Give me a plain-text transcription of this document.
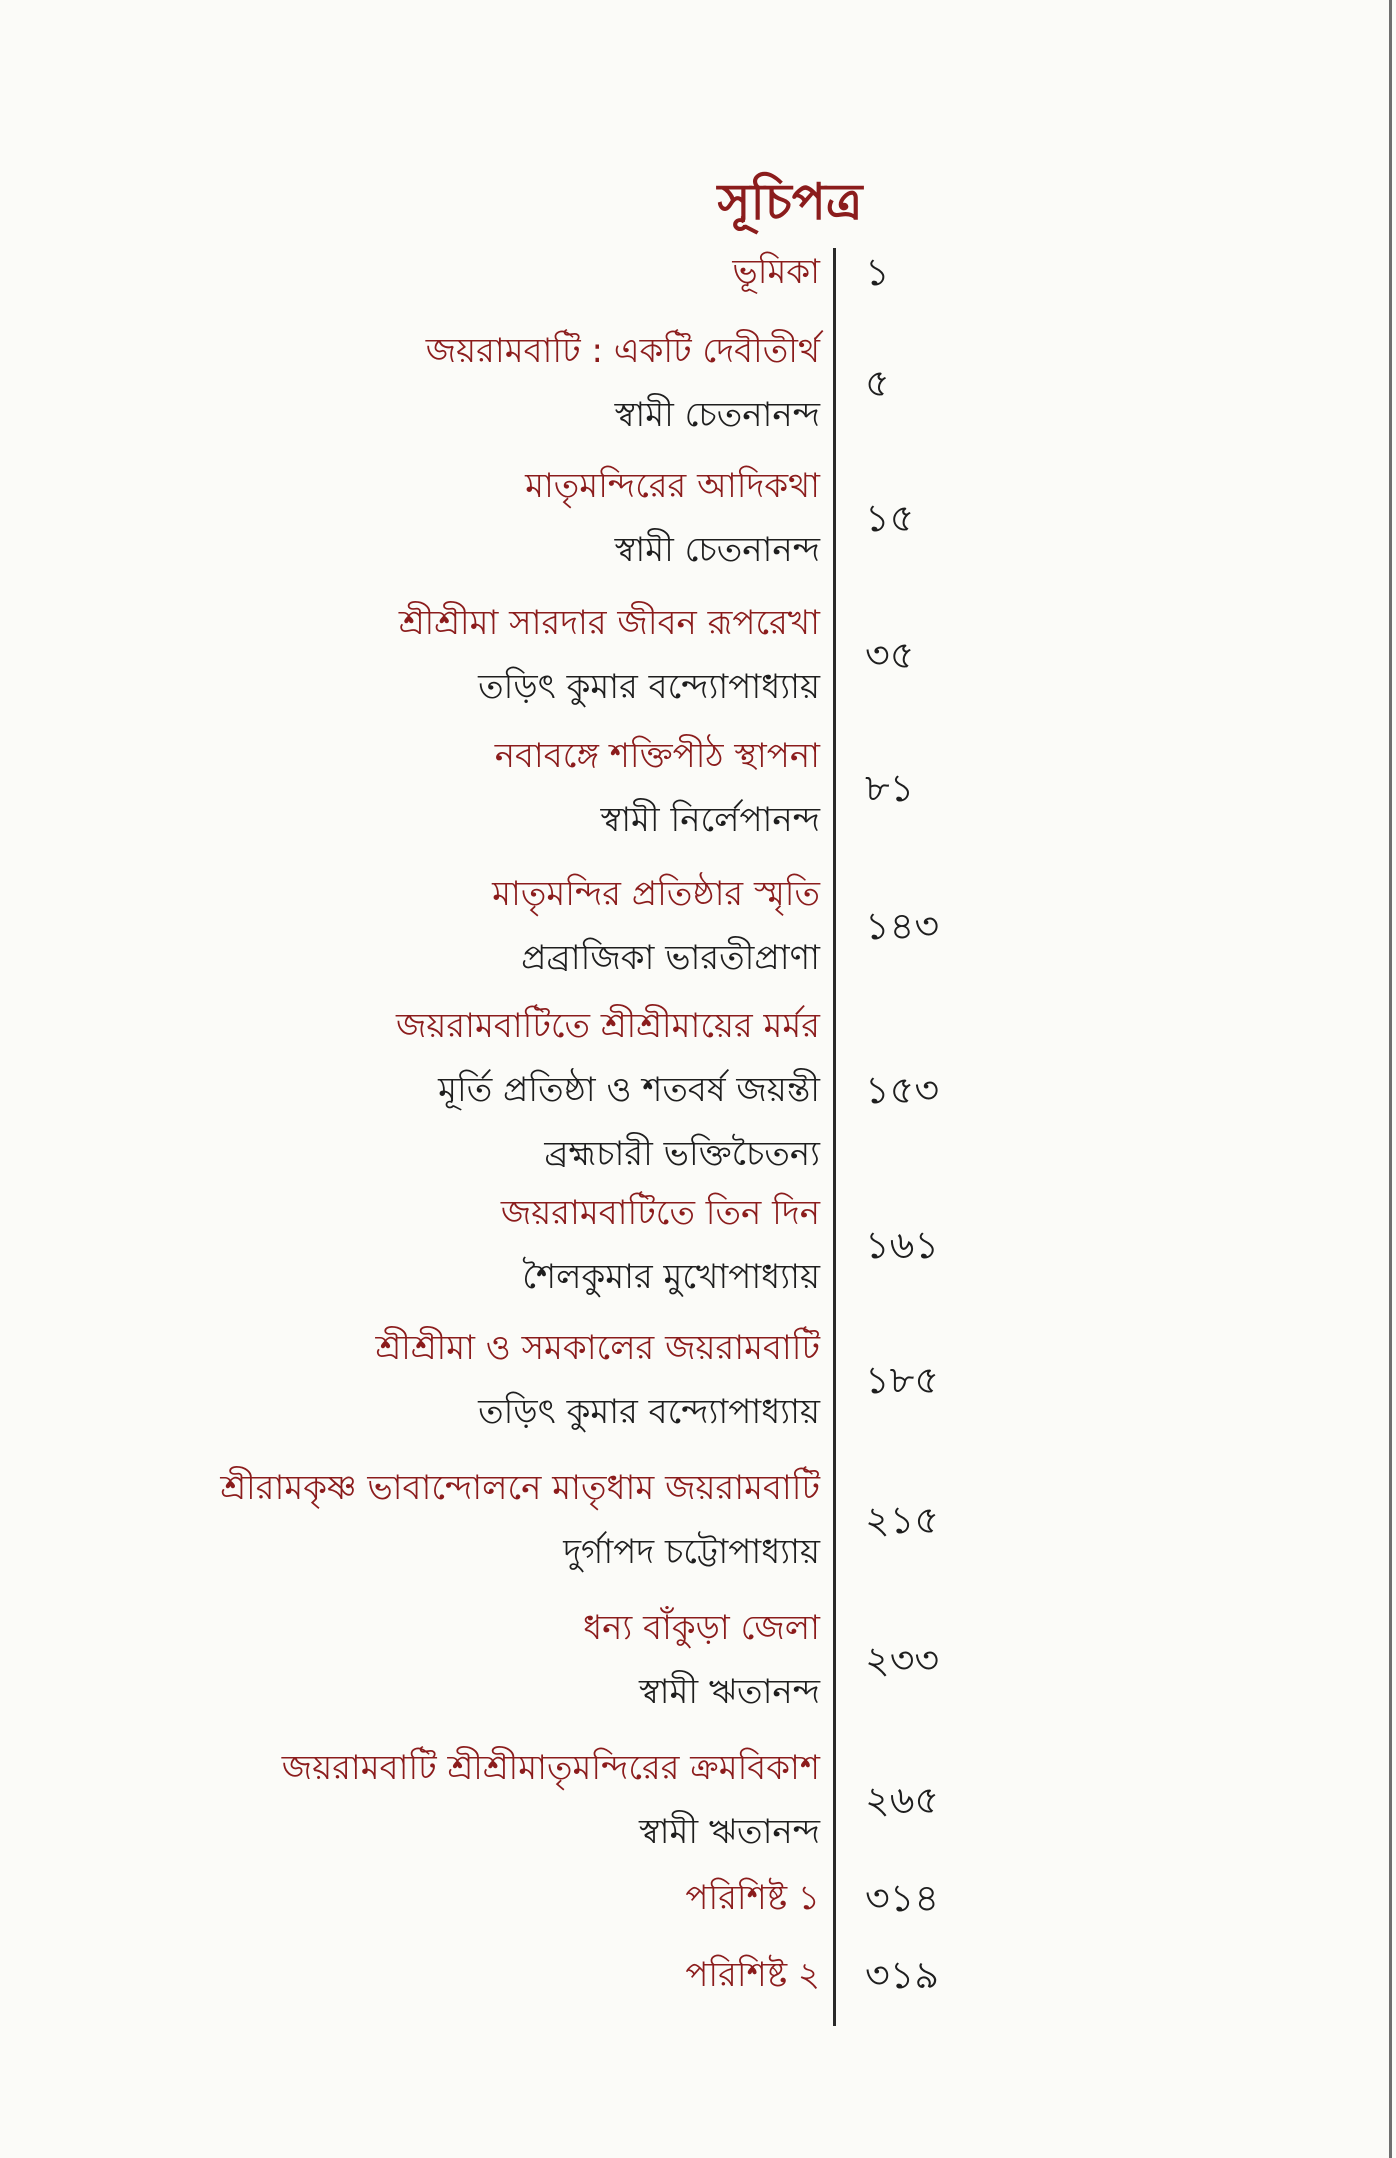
সূচিপত্র
ভূমিকা ১
জয়রামবাটি : একটি দেবীতীর্থ
স্বামী চেতনানন্দ
৫
মাতৃমন্দিরের আদিকথা
স্বামী চেতনানন্দ
১৫
শ্রীশ্রীমা সারদার জীবন রূপরেখা
তড়িৎ কুমার বন্দ্যোপাধ্যায়
৩৫
নবাবঙ্গে শক্তিপীঠ স্থাপনা
স্বামী নির্লেপানন্দ
৮১
মাতৃমন্দির প্রতিষ্ঠার স্মৃতি
প্রব্রাজিকা ভারতীপ্রাণা
১৪৩
জয়রামবাটিতে শ্রীশ্রীমায়ের মর্মর
মূর্তি প্রতিষ্ঠা ও শতবর্ষ জয়ন্তী
ব্রহ্মচারী ভক্তিচৈতন্য
১৫৩
জয়রামবাটিতে তিন দিন
শৈলকুমার মুখোপাধ্যায়
১৬১
শ্রীশ্রীমা ও সমকালের জয়রামবাটি
তড়িৎ কুমার বন্দ্যোপাধ্যায়
১৮৫
শ্রীরামকৃষ্ণ ভাবান্দোলনে মাতৃধাম জয়রামবাটি
দুর্গাপদ চট্টোপাধ্যায়
২১৫
ধন্য বাঁকুড়া জেলা
স্বামী ঋতানন্দ
২৩৩
জয়রামবাটি শ্রীশ্রীমাতৃমন্দিরের ক্রমবিকাশ
স্বামী ঋতানন্দ
২৬৫
পরিশিষ্ট ১ ৩১৪
পরিশিষ্ট ২ ৩১৯
